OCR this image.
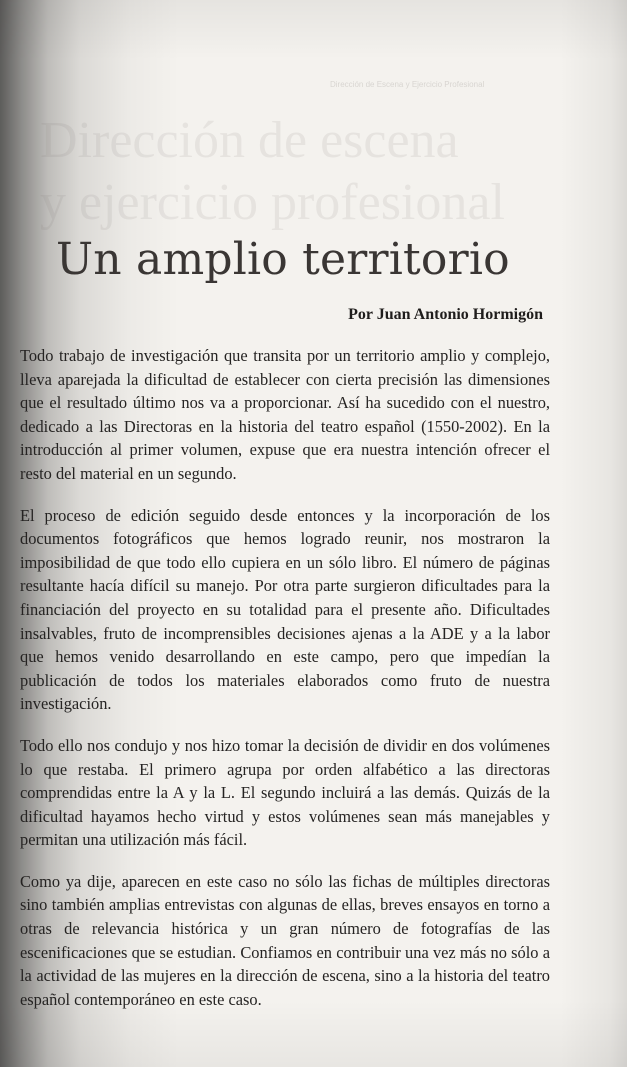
Dirección de Escena y Ejercicio Profesional
Dirección de escena
y ejercicio profesional
Un amplio territorio

Por Juan Antonio Hormigón

Todo trabajo de investigación que transita por un territorio amplio y complejo, lleva aparejada la dificultad de establecer con cierta precisión las dimensiones que el resultado último nos va a proporcionar. Así ha sucedido con el nuestro, dedicado a las Directoras en la historia del teatro español (1550-2002). En la introducción al primer volumen, expuse que era nuestra intención ofrecer el resto del material en un segundo.

El proceso de edición seguido desde entonces y la incorporación de los documentos fotográficos que hemos logrado reunir, nos mostraron la imposibilidad de que todo ello cupiera en un sólo libro. El número de páginas resultante hacía difícil su manejo. Por otra parte surgieron dificultades para la financiación del proyecto en su totalidad para el presente año. Dificultades insalvables, fruto de incomprensibles decisiones ajenas a la ADE y a la labor que hemos venido desarrollando en este campo, pero que impedían la publicación de todos los materiales elaborados como fruto de nuestra investigación.

Todo ello nos condujo y nos hizo tomar la decisión de dividir en dos volúmenes lo que restaba. El primero agrupa por orden alfabético a las directoras comprendidas entre la A y la L. El segundo incluirá a las demás. Quizás de la dificultad hayamos hecho virtud y estos volúmenes sean más manejables y permitan una utilización más fácil.

Como ya dije, aparecen en este caso no sólo las fichas de múltiples directoras sino también amplias entrevistas con algunas de ellas, breves ensayos en torno a otras de relevancia histórica y un gran número de fotografías de las escenificaciones que se estudian. Confiamos en contribuir una vez más no sólo a la actividad de las mujeres en la dirección de escena, sino a la historia del teatro español contemporáneo en este caso.
